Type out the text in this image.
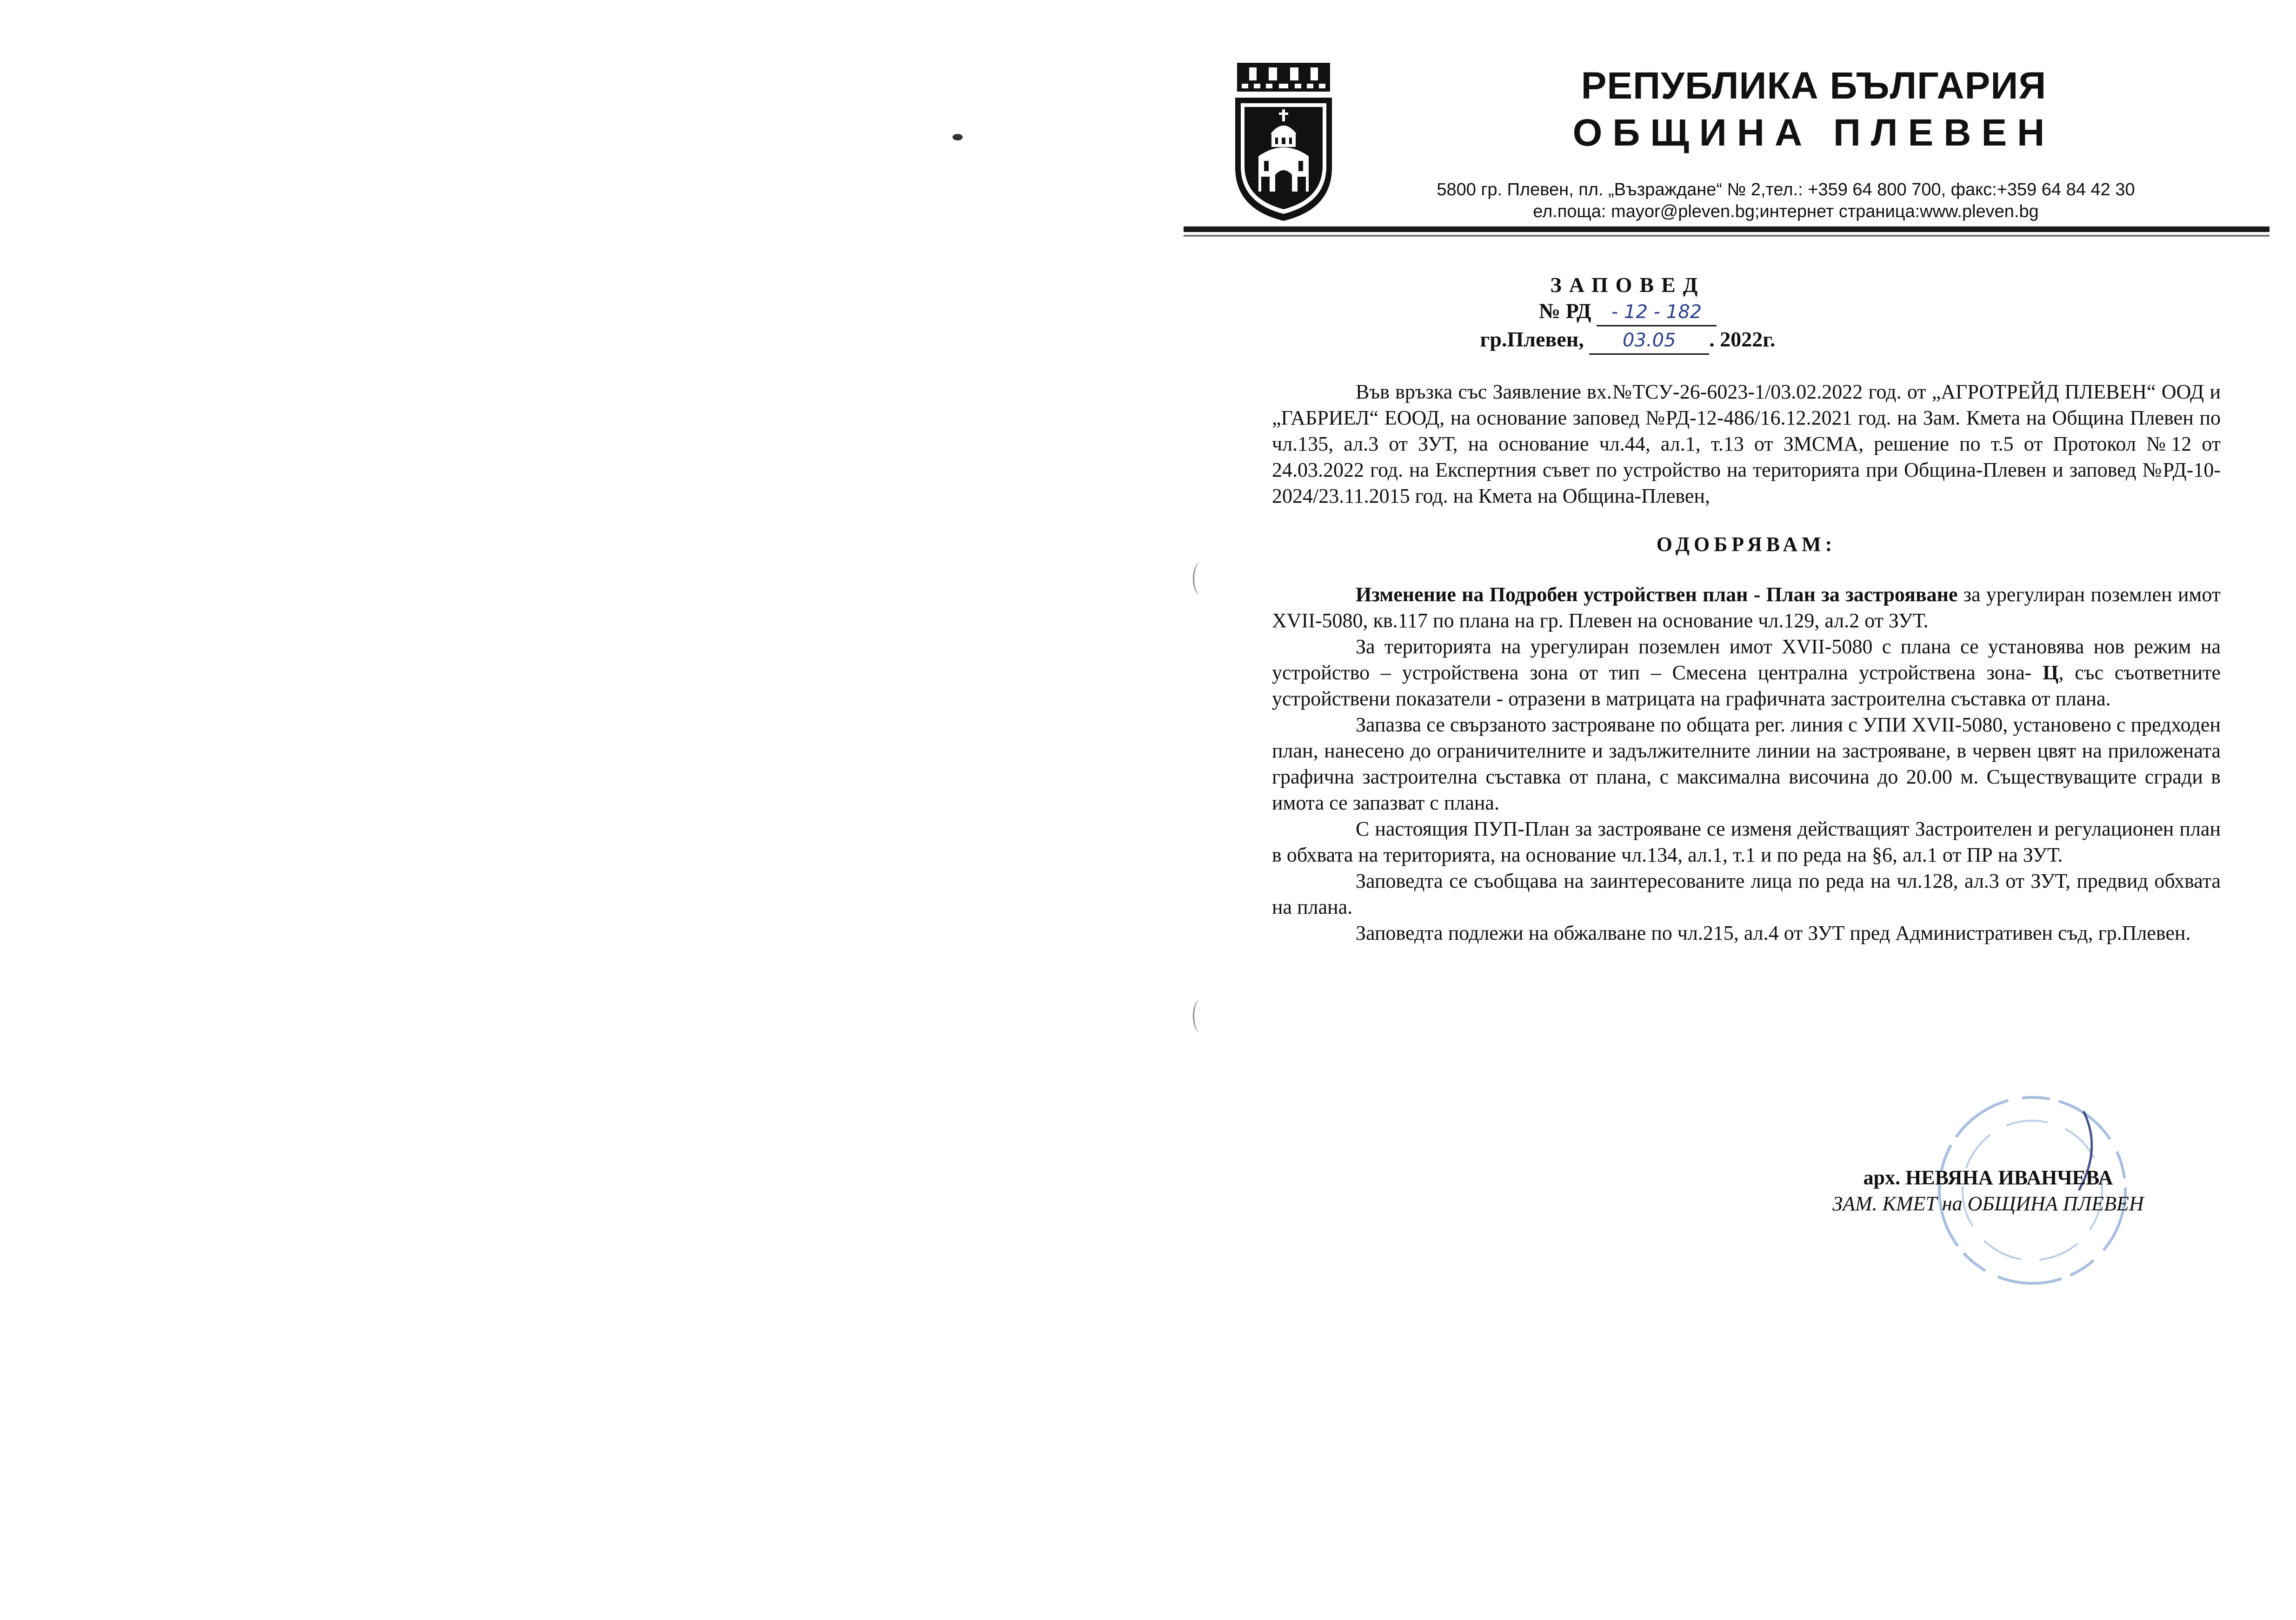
РЕПУБЛИКА БЪЛГАРИЯ
ОБЩИНА ПЛЕВЕН
5800 гр. Плевен, пл. „Възраждане“ № 2,тел.: +359 64 800 700, факс:+359 64 84 42 30
ел.поща: mayor@pleven.bg;интернет страница:www.pleven.bg
ЗАПОВЕД
№ РД - 12 - 182
гр.Плевен, 03.05 . 2022г.

Във връзка със Заявление вх.№ТСУ-26-6023-1/03.02.2022 год. от „АГРОТРЕЙД ПЛЕВЕН“ ООД и „ГАБРИЕЛ“ ЕООД, на основание заповед №РД-12-486/16.12.2021 год. на Зам. Кмета на Община Плевен по чл.135, ал.3 от ЗУТ, на основание чл.44, ал.1, т.13 от ЗМСМА, решение по т.5 от Протокол №12 от 24.03.2022 год. на Експертния съвет по устройство на територията при Община-Плевен и заповед №РД-10-2024/23.11.2015 год. на Кмета на Община-Плевен,

ОДОБРЯВАМ:

Изменение на Подробен устройствен план - План за застрояване за урегулиран поземлен имот XVII-5080, кв.117 по плана на гр. Плевен на основание чл.129, ал.2 от ЗУТ.

За територията на урегулиран поземлен имот XVII-5080 с плана се установява нов режим на устройство – устройствена зона от тип – Смесена централна устройствена зона- Ц, със съответните устройствени показатели - отразени в матрицата на графичната застроителна съставка от плана.

Запазва се свързаното застрояване по общата рег. линия с УПИ XVII-5080, устaновено с предходен план, нанесено до ограничителните и задължителните линии на застрояване, в червен цвят на приложената графична застроителна съставка от плана, с максимална височина до 20.00 м. Съществуващите сгради в имота се запазват с плана.

С настоящия ПУП-План за застрояване се изменя действащият Застроителен и регулационен план в обхвата на територията, на основание чл.134, ал.1, т.1 и по реда на §6, ал.1 от ПР на ЗУТ.

Заповедта се съобщава на заинтересованите лица по реда на чл.128, ал.3 от ЗУТ, предвид обхвата на плана.

Заповедта подлежи на обжалване по чл.215, ал.4 от ЗУТ пред Административен съд, гр.Плевен.

арх. НЕВЯНА ИВАНЧЕВА
ЗАМ. КМЕТ на ОБЩИНА ПЛЕВЕН
